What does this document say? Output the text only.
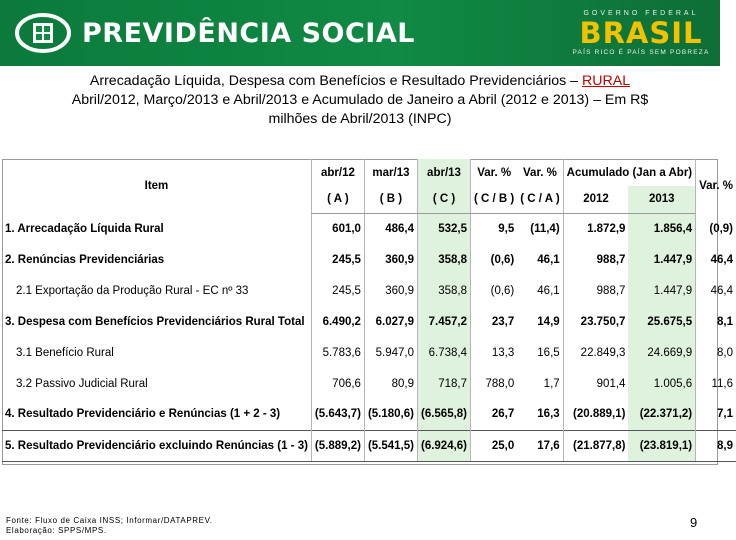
PREVIDÊNCIA SOCIAL
GOVERNO FEDERAL
BRASIL
PAÍS RICO É PAÍS SEM POBREZA
Arrecadação Líquida, Despesa com Benefícios e Resultado Previdenciários – RURAL
Abril/2012, Março/2013 e Abril/2013 e Acumulado de Janeiro a Abril (2012 e 2013) – Em R$
milhões de Abril/2013 (INPC)
Item	abr/12	mar/13	abr/13	Var. %	Var. %	Acumulado (Jan a Abr)		Var. %
	( A )	( B )	( C )	( C / B )	( C / A )	2012	2013	
1. Arrecadação Líquida Rural	601,0	486,4	532,5	9,5	(11,4)	1.872,9	1.856,4	(0,9)
2. Renúncias Previdenciárias	245,5	360,9	358,8	(0,6)	46,1	988,7	1.447,9	46,4
2.1 Exportação da Produção Rural - EC nº 33	245,5	360,9	358,8	(0,6)	46,1	988,7	1.447,9	46,4
3. Despesa com Benefícios Previdenciários Rural Total	6.490,2	6.027,9	7.457,2	23,7	14,9	23.750,7	25.675,5	8,1
3.1 Benefício Rural	5.783,6	5.947,0	6.738,4	13,3	16,5	22.849,3	24.669,9	8,0
3.2 Passivo Judicial Rural	706,6	80,9	718,7	788,0	1,7	901,4	1.005,6	11,6
4. Resultado Previdenciário e Renúncias (1 + 2 - 3)	(5.643,7)	(5.180,6)	(6.565,8)	26,7	16,3	(20.889,1)	(22.371,2)	7,1
5. Resultado Previdenciário excluindo Renúncias (1 - 3)	(5.889,2)	(5.541,5)	(6.924,6)	25,0	17,6	(21.877,8)	(23.819,1)	8,9
Fonte: Fluxo de Caixa INSS; Informar/DATAPREV.
Elaboração: SPPS/MPS.
9
